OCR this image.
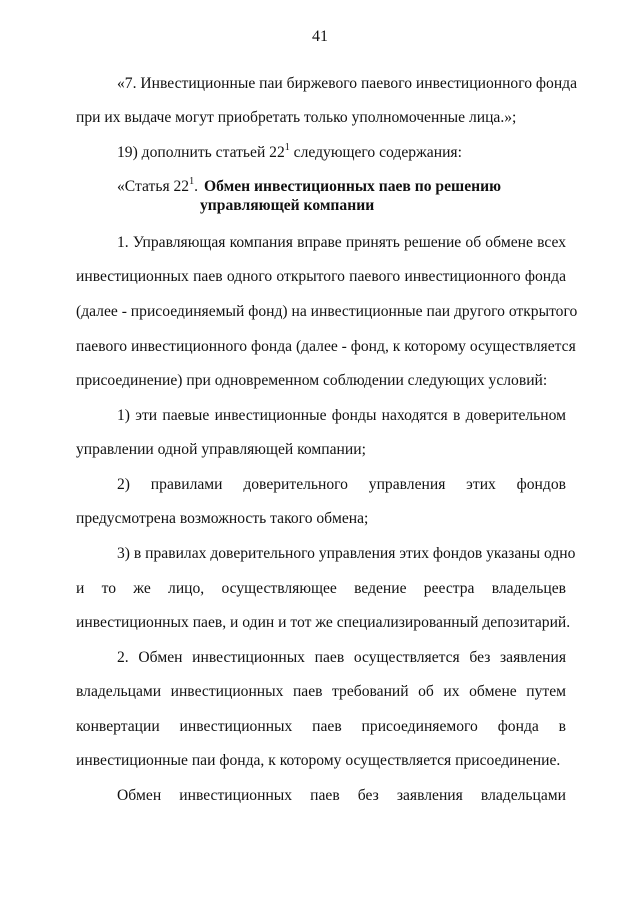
41
«7. Инвестиционные паи биржевого паевого инвестиционного фонда
при их выдаче могут приобретать только уполномоченные лица.»;
19) дополнить статьей $22^1$ следующего содержания:
«Статья $22^1$. Обмен инвестиционных паев по решению
управляющей компании
1. Управляющая компания вправе принять решение об обмене всех
инвестиционных паев одного открытого паевого инвестиционного фонда
(далее - присоединяемый фонд) на инвестиционные паи другого открытого
паевого инвестиционного фонда (далее - фонд, к которому осуществляется
присоединение) при одновременном соблюдении следующих условий:
1) эти паевые инвестиционные фонды находятся в доверительном
управлении одной управляющей компании;
2) правилами доверительного управления этих фондов
предусмотрена возможность такого обмена;
3) в правилах доверительного управления этих фондов указаны одно
и то же лицо, осуществляющее ведение реестра владельцев
инвестиционных паев, и один и тот же специализированный депозитарий.
2. Обмен инвестиционных паев осуществляется без заявления
владельцами инвестиционных паев требований об их обмене путем
конвертации инвестиционных паев присоединяемого фонда в
инвестиционные паи фонда, к которому осуществляется присоединение.
Обмен инвестиционных паев без заявления владельцами
